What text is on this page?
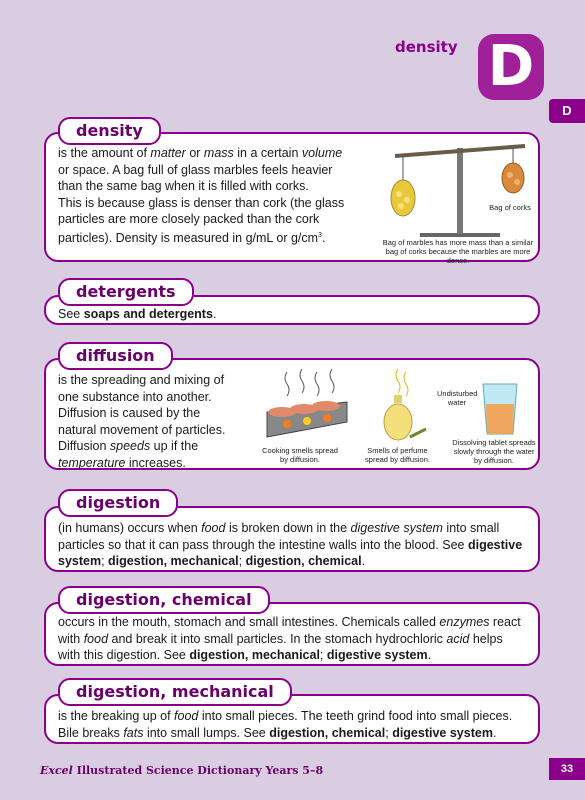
density D
D
density
is the amount of matter or mass in a certain volume
or space. A bag full of glass marbles feels heavier
than the same bag when it is filled with corks.
This is because glass is denser than cork (the glass
particles are more closely packed than the cork
particles). Density is measured in g/mL or $g/cm^3$.
Bag of corks
Bag of marbles has more mass than a similar bag of corks because the marbles are more dense.
detergents
See soaps and detergents.
diffusion
is the spreading and mixing of
one substance into another.
Diffusion is caused by the
natural movement of particles.
Diffusion speeds up if the
temperature increases.
Cooking smells spread by diffusion.
Smells of perfume spread by diffusion.
Undisturbed water
Dissolving tablet spreads slowly through the water by diffusion.
digestion
(in humans) occurs when food is broken down in the digestive system into small
particles so that it can pass through the intestine walls into the blood. See digestive
system; digestion, mechanical; digestion, chemical.
digestion, chemical
occurs in the mouth, stomach and small intestines. Chemicals called enzymes react
with food and break it into small particles. In the stomach hydrochloric acid helps
with this digestion. See digestion, mechanical; digestive system.
digestion, mechanical
is the breaking up of food into small pieces. The teeth grind food into small pieces.
Bile breaks fats into small lumps. See digestion, chemical; digestive system.
Excel Illustrated Science Dictionary Years 5–8	33
